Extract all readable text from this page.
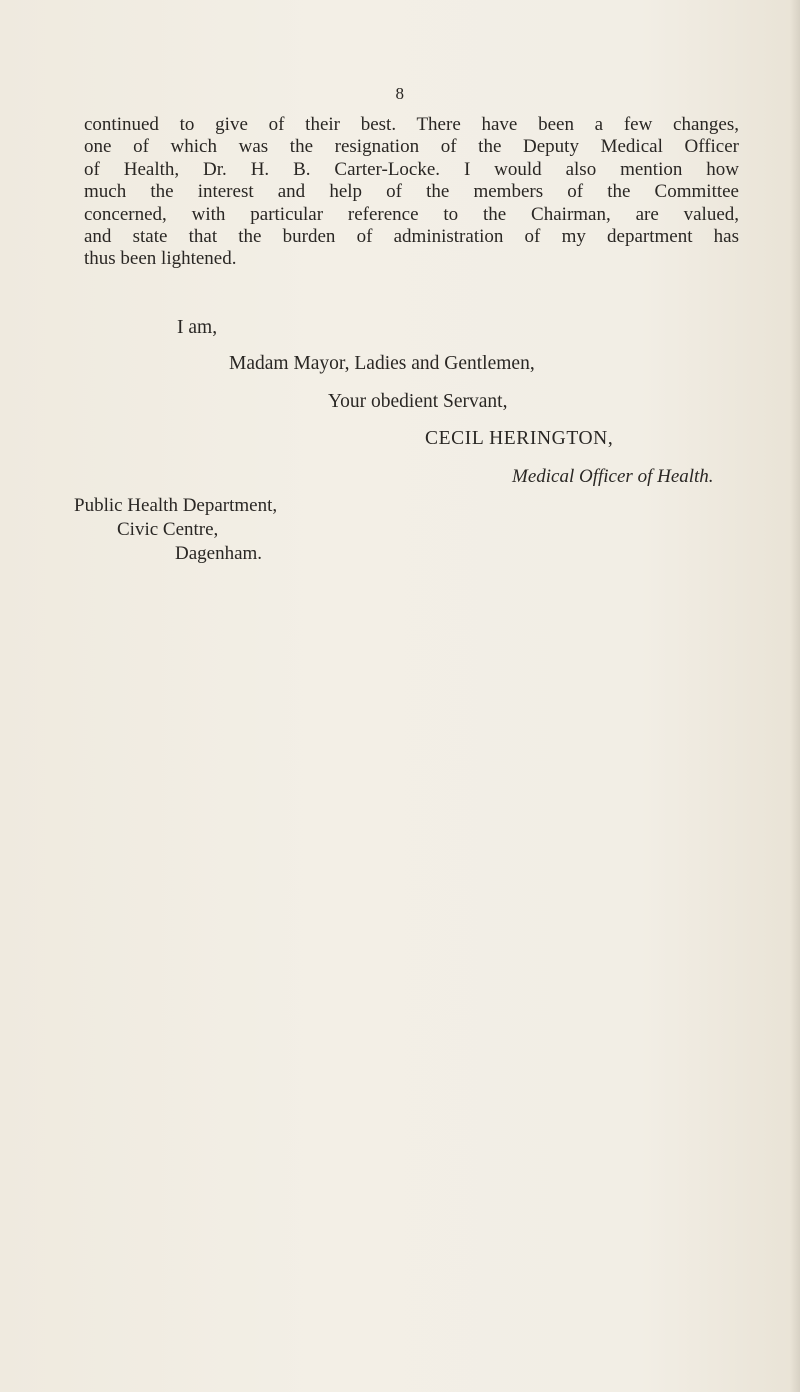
8
continued to give of their best. There have been a few changes,
one of which was the resignation of the Deputy Medical Officer
of Health, Dr. H. B. Carter-Locke. I would also mention how
much the interest and help of the members of the Committee
concerned, with particular reference to the Chairman, are valued,
and state that the burden of administration of my department has
thus been lightened.
I am,
Madam Mayor, Ladies and Gentlemen,
Your obedient Servant,
CECIL HERINGTON,
Medical Officer of Health.
Public Health Department,
Civic Centre,
Dagenham.
